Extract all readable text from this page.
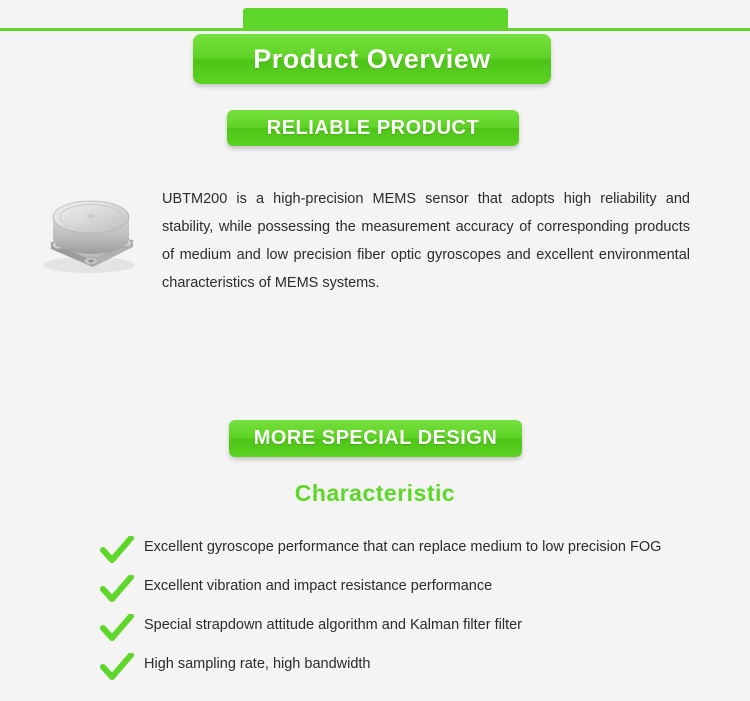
Product Overview
RELIABLE PRODUCT
UBTM200 is a high-precision MEMS sensor that adopts high reliability and stability, while possessing the measurement accuracy of corresponding products of medium and low precision fiber optic gyroscopes and excellent environmental characteristics of MEMS systems.
MORE SPECIAL DESIGN
Characteristic
Excellent gyroscope performance that can replace medium to low precision FOG
Excellent vibration and impact resistance performance
Special strapdown attitude algorithm and Kalman filter filter
High sampling rate, high bandwidth
